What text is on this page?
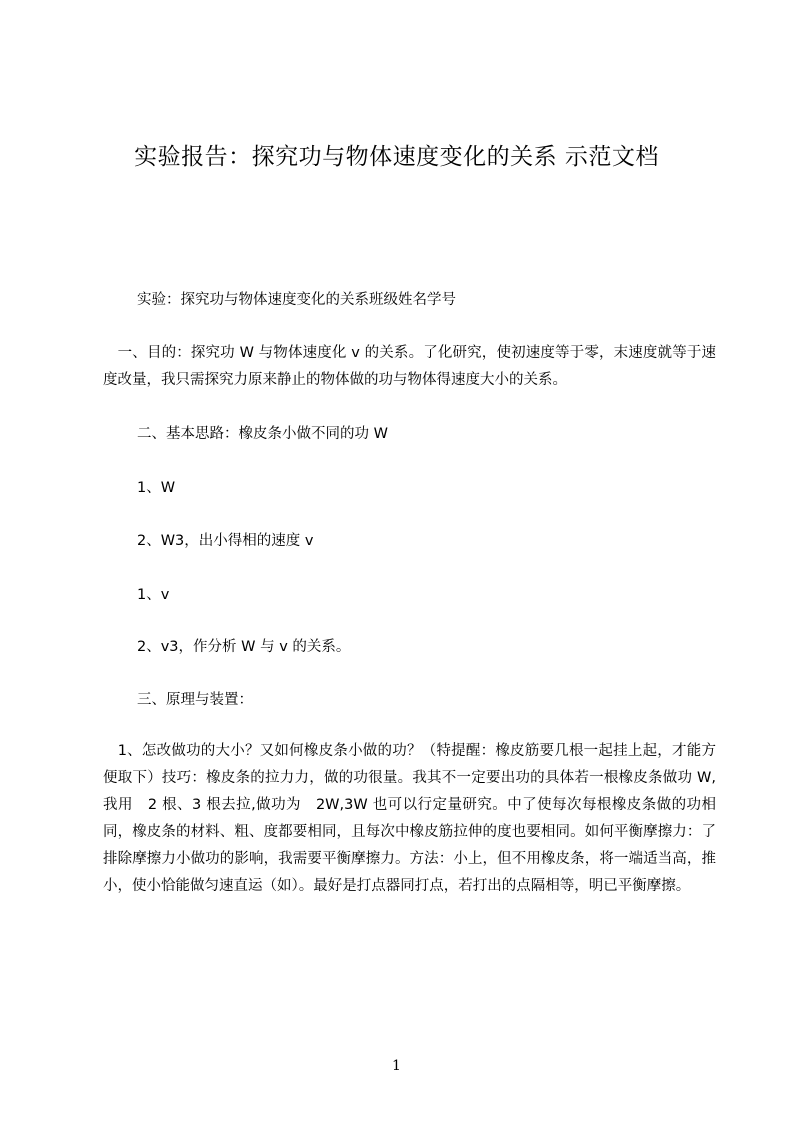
实验报告：探究功与物体速度变化的关系 示范文档
实验：探究功与物体速度变化的关系班级姓名学号

　一、目的：探究功 W 与物体速度化 v 的关系。了化研究，使初速度等于零，末速度就等于速度改量，我只需探究力原来静止的物体做的功与物体得速度大小的关系。

二、基本思路：橡皮条小做不同的功 W
1、W
2、W3，出小得相的速度 v
1、v
2、v3，作分析 W 与 v 的关系。
三、原理与装置：

　1、怎改做功的大小？又如何橡皮条小做的功？（特提醒：橡皮筋要几根一起挂上起，才能方便取下）技巧：橡皮条的拉力力，做的功很量。我其不一定要出功的具体若一根橡皮条做功 W,我用　2 根、3 根去拉,做功为　2W,3W 也可以行定量研究。中了使每次每根橡皮条做的功相同，橡皮条的材料、粗、度都要相同，且每次中橡皮筋拉伸的度也要相同。如何平衡摩擦力：了排除摩擦力小做功的影响，我需要平衡摩擦力。方法：小上，但不用橡皮条，将一端适当高，推小，使小恰能做匀速直运（如）。最好是打点器同打点，若打出的点隔相等，明已平衡摩擦。

1
